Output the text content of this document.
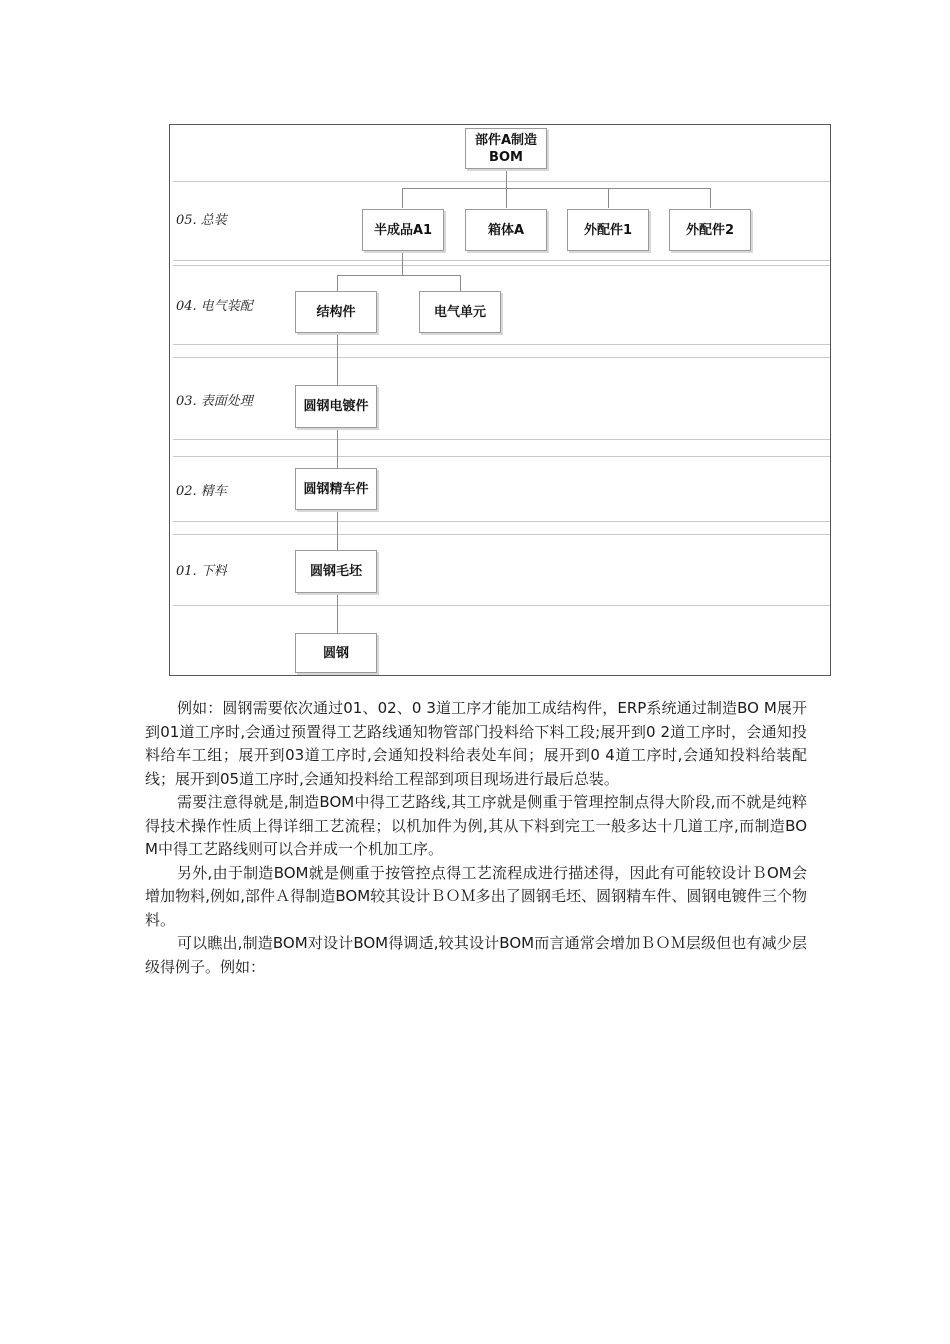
05. 总装
04. 电气装配
03. 表面处理
02. 精车
01. 下料
部件A制造
BOM
半成品A1	箱体A	外配件1	外配件2
结构件	电气单元
圆钢电镀件
圆钢精车件
圆钢毛坯
圆钢

例如：圆钢需要依次通过01、02、0 3道工序才能加工成结构件，ERP系统通过制造BO M展开到01道工序时,会通过预置得工艺路线通知物管部门投料给下料工段;展开到0 2道工序时，会通知投料给车工组；展开到03道工序时,会通知投料给表处车间；展开到0 4道工序时,会通知投料给装配线；展开到05道工序时,会通知投料给工程部到项目现场进行最后总装。

需要注意得就是,制造BOM中得工艺路线,其工序就是侧重于管理控制点得大阶段,而不就是纯粹得技术操作性质上得详细工艺流程；以机加件为例,其从下料到完工一般多达十几道工序,而制造BO M中得工艺路线则可以合并成一个机加工序。

另外,由于制造BOM就是侧重于按管控点得工艺流程成进行描述得，因此有可能较设计ＢOM会增加物料,例如,部件Ａ得制造BOM较其设计ＢＯＭ多出了圆钢毛坯、圆钢精车件、圆钢电镀件三个物料。

可以瞧出,制造BOM对设计BOM得调适,较其设计BOM而言通常会增加ＢＯＭ层级但也有减少层级得例子。例如：
